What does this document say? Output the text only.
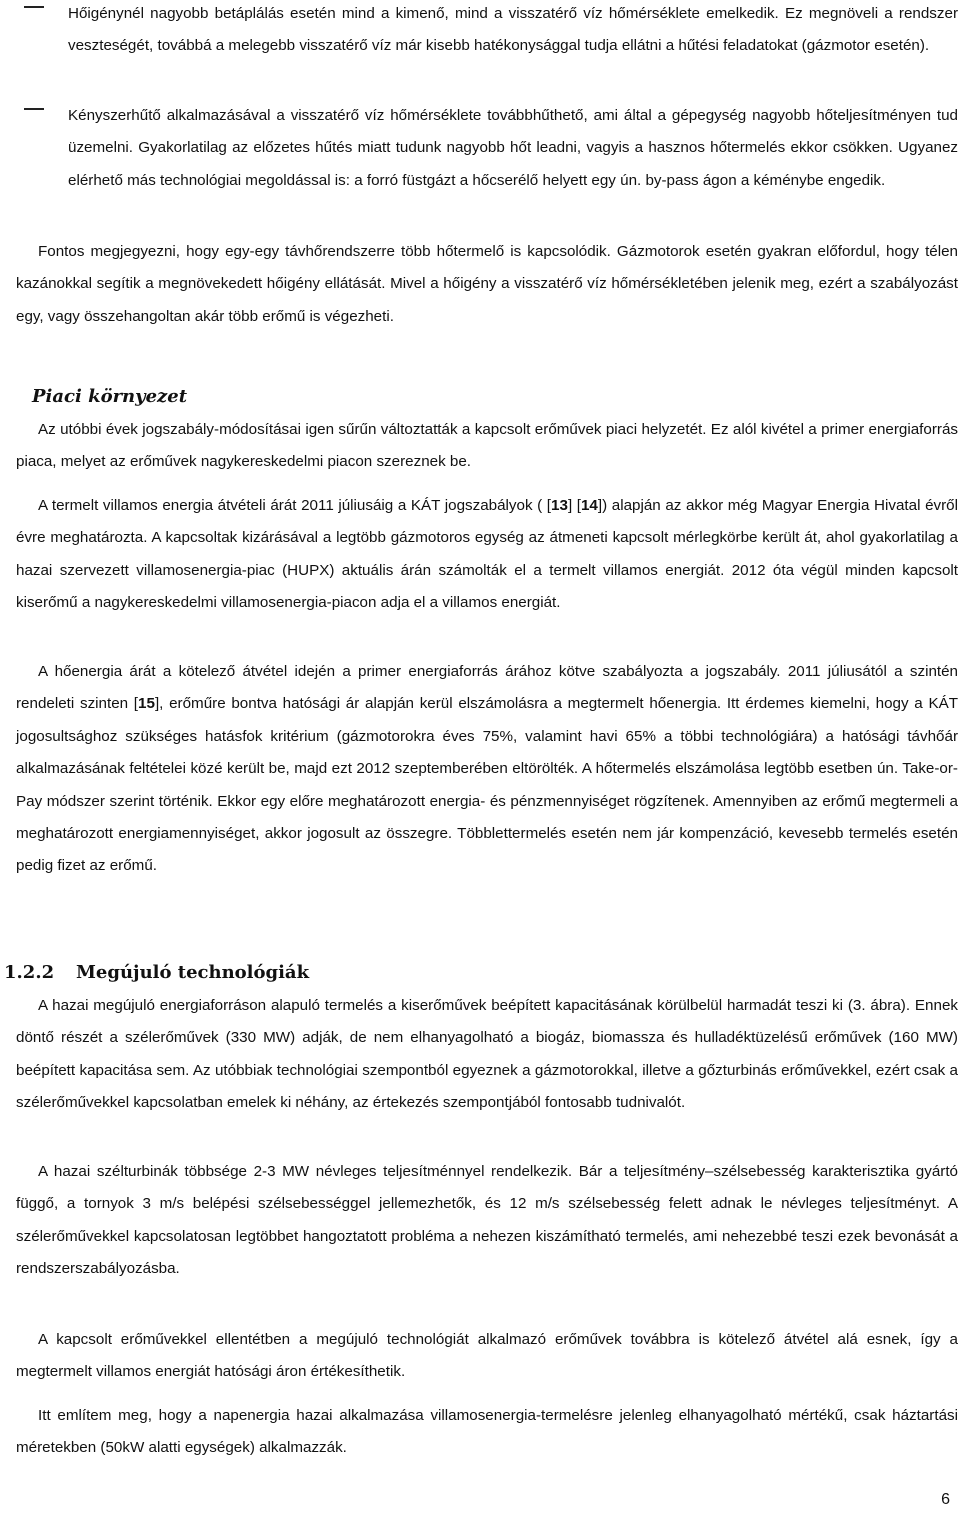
Hőigénynél nagyobb betáplálás esetén mind a kimenő, mind a visszatérő víz hőmérséklete emelkedik. Ez megnöveli a rendszer veszteségét, továbbá a melegebb visszatérő víz már kisebb hatékonysággal tudja ellátni a hűtési feladatokat (gázmotor esetén).
Kényszerhűtő alkalmazásával a visszatérő víz hőmérséklete továbbhűthető, ami által a gépegység nagyobb hőteljesítményen tud üzemelni. Gyakorlatilag az előzetes hűtés miatt tudunk nagyobb hőt leadni, vagyis a hasznos hőtermelés ekkor csökken. Ugyanez elérhető más technológiai megoldással is: a forró füstgázt a hőcserélő helyett egy ún. by-pass ágon a kéménybe engedik.
Fontos megjegyezni, hogy egy-egy távhőrendszerre több hőtermelő is kapcsolódik. Gázmotorok esetén gyakran előfordul, hogy télen kazánokkal segítik a megnövekedett hőigény ellátását. Mivel a hőigény a visszatérő víz hőmérsékletében jelenik meg, ezért a szabályozást egy, vagy összehangoltan akár több erőmű is végezheti.
Piaci környezet
Az utóbbi évek jogszabály-módosításai igen sűrűn változtatták a kapcsolt erőművek piaci helyzetét. Ez alól kivétel a primer energiaforrás piaca, melyet az erőművek nagykereskedelmi piacon szereznek be.
A termelt villamos energia átvételi árát 2011 júliusáig a KÁT jogszabályok ( [13] [14]) alapján az akkor még Magyar Energia Hivatal évről évre meghatározta. A kapcsoltak kizárásával a legtöbb gázmotoros egység az átmeneti kapcsolt mérlegkörbe került át, ahol gyakorlatilag a hazai szervezett villamosenergia-piac (HUPX) aktuális árán számolták el a termelt villamos energiát. 2012 óta végül minden kapcsolt kiserőmű a nagykereskedelmi villamosenergia-piacon adja el a villamos energiát.
A hőenergia árát a kötelező átvétel idején a primer energiaforrás árához kötve szabályozta a jogszabály. 2011 júliusától a szintén rendeleti szinten [15], erőműre bontva hatósági ár alapján kerül elszámolásra a megtermelt hőenergia. Itt érdemes kiemelni, hogy a KÁT jogosultsághoz szükséges hatásfok kritérium (gázmotorokra éves 75%, valamint havi 65% a többi technológiára) a hatósági távhőár alkalmazásának feltételei közé került be, majd ezt 2012 szeptemberében eltörölték. A hőtermelés elszámolása legtöbb esetben ún. Take-or-Pay módszer szerint történik. Ekkor egy előre meghatározott energia- és pénzmennyiséget rögzítenek. Amennyiben az erőmű megtermeli a meghatározott energiamennyiséget, akkor jogosult az összegre. Többlettermelés esetén nem jár kompenzáció, kevesebb termelés esetén pedig fizet az erőmű.
1.2.2 Megújuló technológiák
A hazai megújuló energiaforráson alapuló termelés a kiserőművek beépített kapacitásának körülbelül harmadát teszi ki (3. ábra). Ennek döntő részét a szélerőművek (330 MW) adják, de nem elhanyagolható a biogáz, biomassza és hulladéktüzelésű erőművek (160 MW) beépített kapacitása sem. Az utóbbiak technológiai szempontból egyeznek a gázmotorokkal, illetve a gőzturbinás erőművekkel, ezért csak a szélerőművekkel kapcsolatban emelek ki néhány, az értekezés szempontjából fontosabb tudnivalót.
A hazai szélturbinák többsége 2-3 MW névleges teljesítménnyel rendelkezik. Bár a teljesítmény–szélsebesség karakterisztika gyártó függő, a tornyok 3 m/s belépési szélsebességgel jellemezhetők, és 12 m/s szélsebesség felett adnak le névleges teljesítményt. A szélerőművekkel kapcsolatosan legtöbbet hangoztatott probléma a nehezen kiszámítható termelés, ami nehezebbé teszi ezek bevonását a rendszerszabályozásba.
A kapcsolt erőművekkel ellentétben a megújuló technológiát alkalmazó erőművek továbbra is kötelező átvétel alá esnek, így a megtermelt villamos energiát hatósági áron értékesíthetik.
Itt említem meg, hogy a napenergia hazai alkalmazása villamosenergia-termelésre jelenleg elhanyagolható mértékű, csak háztartási méretekben (50kW alatti egységek) alkalmazzák.
6
